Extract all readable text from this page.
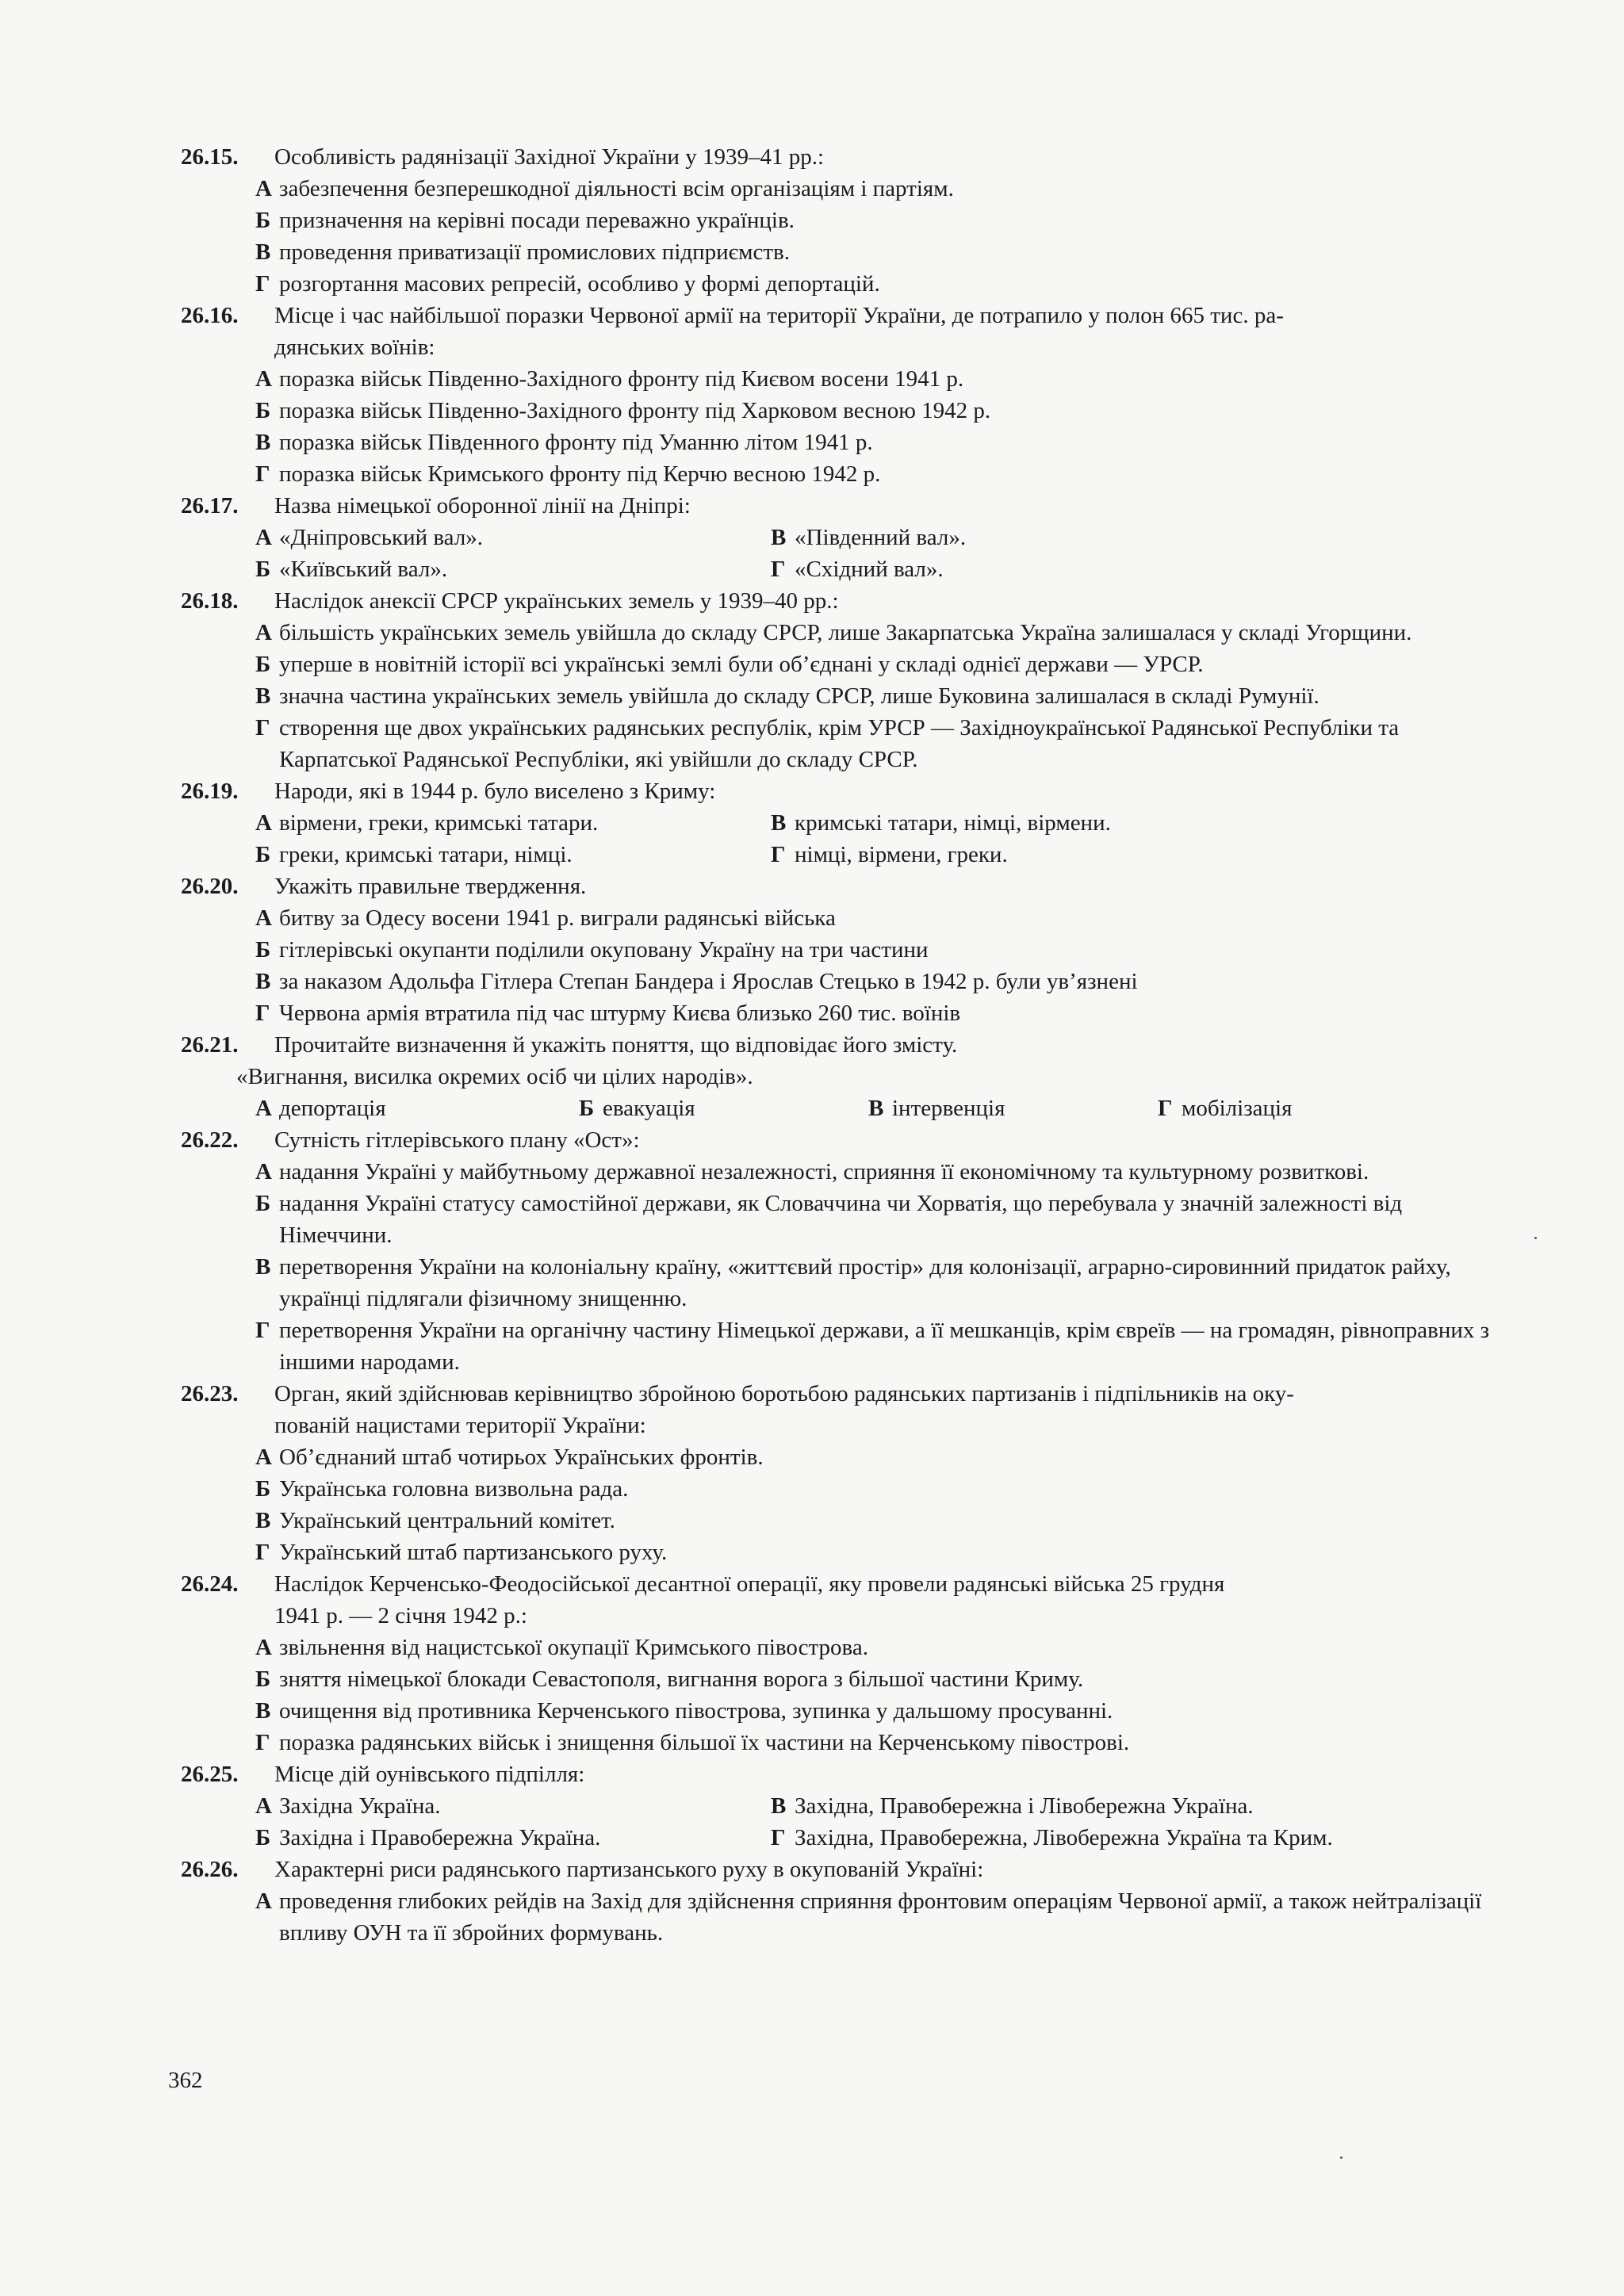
26.15.	Особливість радянізації Західної України у 1939–41 рр.:
А забезпечення безперешкодної діяльності всім організаціям і партіям.
Б призначення на керівні посади переважно українців.
В проведення приватизації промислових підприємств.
Г розгортання масових репресій, особливо у формі депортацій.
26.16.	Місце і час найбільшої поразки Червоної армії на території України, де потрапило у полон 665 тис. ра-
дянських воїнів:
А поразка військ Південно-Західного фронту під Києвом восени 1941 р.
Б поразка військ Південно-Західного фронту під Харковом весною 1942 р.
В поразка військ Південного фронту під Уманню літом 1941 р.
Г поразка військ Кримського фронту під Керчю весною 1942 р.
26.17.	Назва німецької оборонної лінії на Дніпрі:
А «Дніпровський вал».	В «Південний вал».
Б «Київський вал».	Г «Східний вал».
26.18.	Наслідок анексії СРСР українських земель у 1939–40 рр.:
А більшість українських земель увійшла до складу СРСР, лише Закарпатська Україна залишалася у складі Угорщини.
Б уперше в новітній історії всі українські землі були об’єднані у складі однієї держави — УРСР.
В значна частина українських земель увійшла до складу СРСР, лише Буковина залишалася в складі Румунії.
Г створення ще двох українських радянських республік, крім УРСР — Західноукраїнської Радянської Республіки та Карпатської Радянської Республіки, які увійшли до складу СРСР.
26.19.	Народи, які в 1944 р. було виселено з Криму:
А вірмени, греки, кримські татари.	В кримські татари, німці, вірмени.
Б греки, кримські татари, німці.	Г німці, вірмени, греки.
26.20.	Укажіть правильне твердження.
А битву за Одесу восени 1941 р. виграли радянські війська
Б гітлерівські окупанти поділили окуповану Україну на три частини
В за наказом Адольфа Гітлера Степан Бандера і Ярослав Стецько в 1942 р. були ув’язнені
Г Червона армія втратила під час штурму Києва близько 260 тис. воїнів
26.21.	Прочитайте визначення й укажіть поняття, що відповідає його змісту.
«Вигнання, висилка окремих осіб чи цілих народів».
А депортація	Б евакуація	В інтервенція	Г мобілізація
26.22.	Сутність гітлерівського плану «Ост»:
А надання Україні у майбутньому державної незалежності, сприяння її економічному та культурному розвиткові.
Б надання Україні статусу самостійної держави, як Словаччина чи Хорватія, що перебувала у значній залежності від Німеччини.
В перетворення України на колоніальну країну, «життєвий простір» для колонізації, аграрно-сировинний придаток райху, українці підлягали фізичному знищенню.
Г перетворення України на органічну частину Німецької держави, а її мешканців, крім євреїв — на громадян, рівноправних з іншими народами.
26.23.	Орган, який здійснював керівництво збройною боротьбою радянських партизанів і підпільників на оку-
пованій нацистами території України:
А Об’єднаний штаб чотирьох Українських фронтів.
Б Українська головна визвольна рада.
В Український центральний комітет.
Г Український штаб партизанського руху.
26.24.	Наслідок Керченсько-Феодосійської десантної операції, яку провели радянські війська 25 грудня
1941 р. — 2 січня 1942 р.:
А звільнення від нацистської окупації Кримського півострова.
Б зняття німецької блокади Севастополя, вигнання ворога з більшої частини Криму.
В очищення від противника Керченського півострова, зупинка у дальшому просуванні.
Г поразка радянських військ і знищення більшої їх частини на Керченському півострові.
26.25.	Місце дій оунівського підпілля:
А Західна Україна.	В Західна, Правобережна і Лівобережна Україна.
Б Західна і Правобережна Україна.	Г Західна, Правобережна, Лівобережна Україна та Крим.
26.26.	Характерні риси радянського партизанського руху в окупованій Україні:
А проведення глибоких рейдів на Захід для здійснення сприяння фронтовим операціям Червоної армії, а також нейтралізації впливу ОУН та її збройних формувань.
362
